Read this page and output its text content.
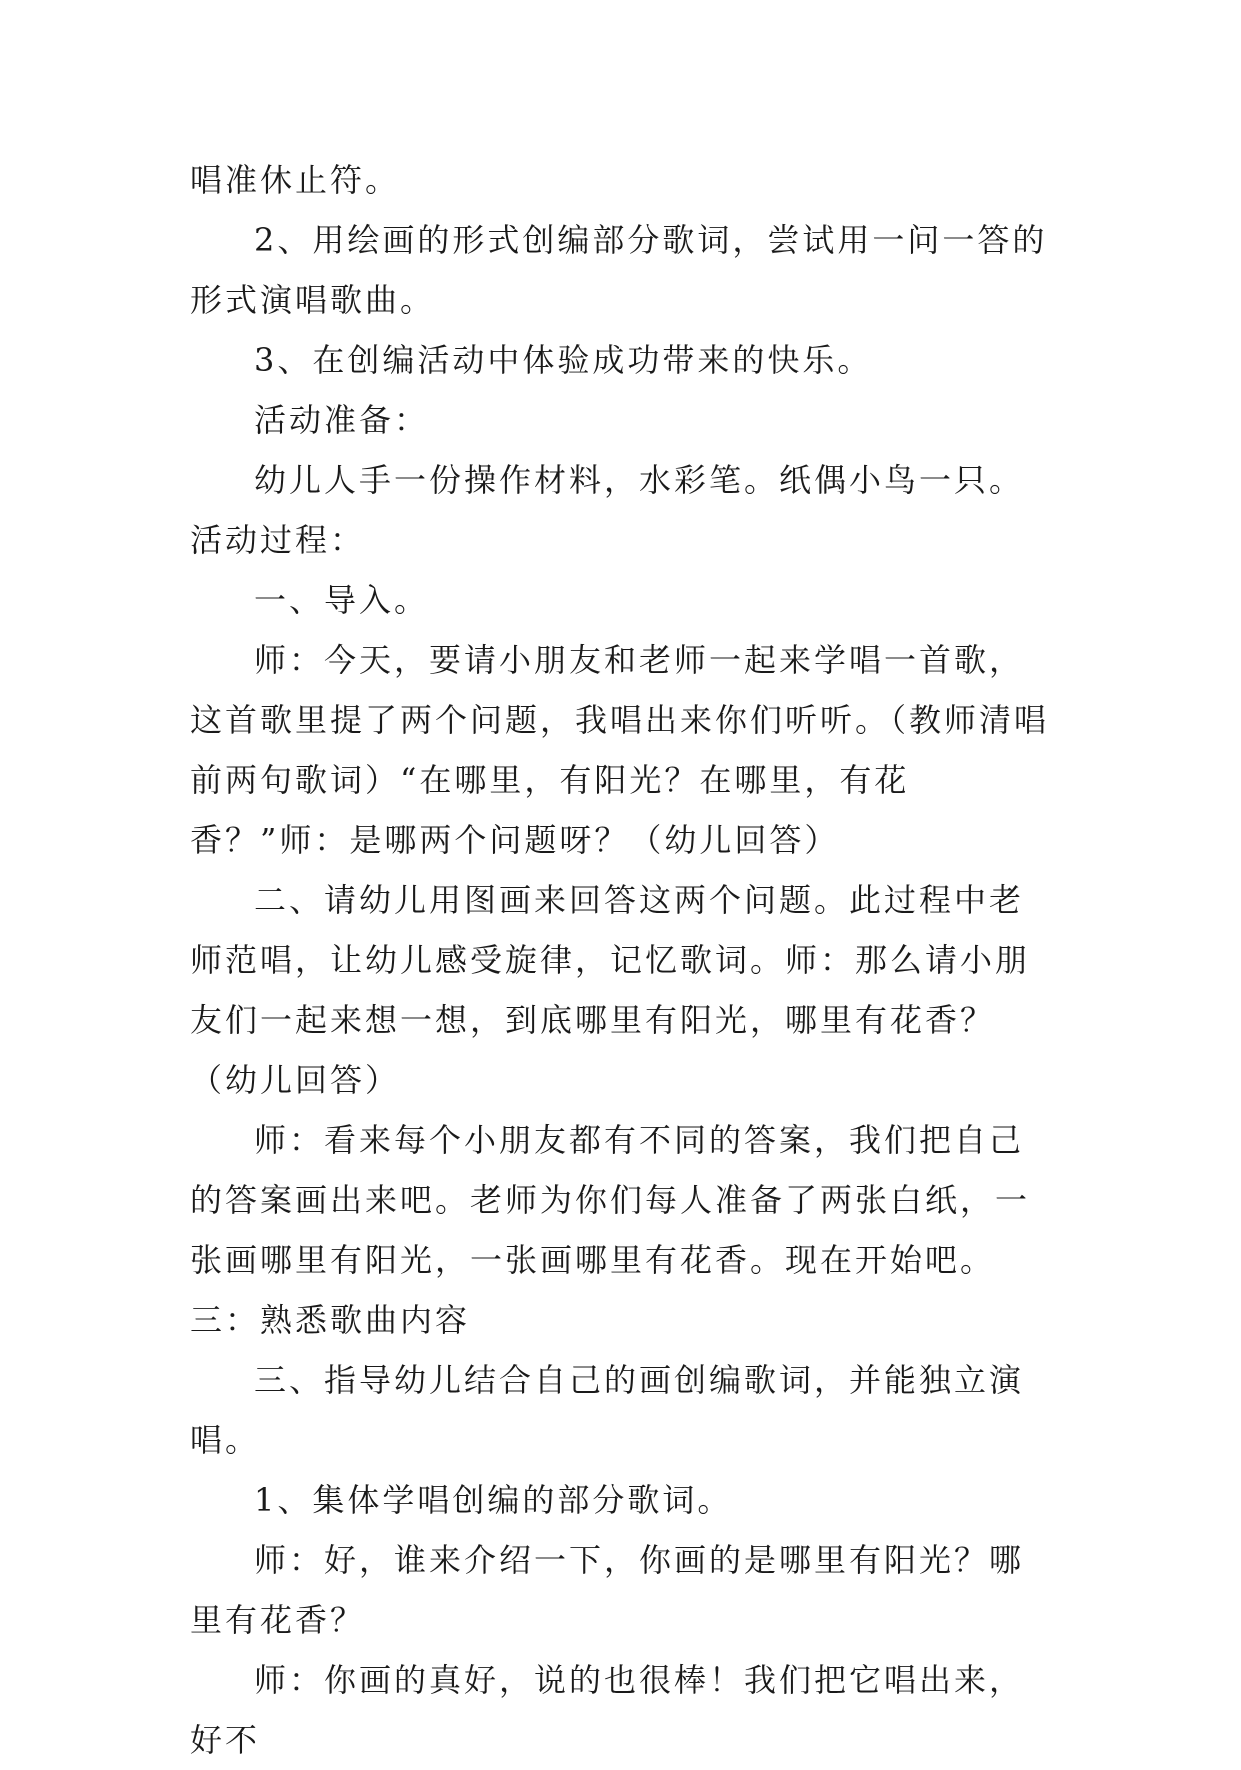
唱准休止符。

2、用绘画的形式创编部分歌词，尝试用一问一答的形式演唱歌曲。

3、在创编活动中体验成功带来的快乐。

活动准备：

幼儿人手一份操作材料，水彩笔。纸偶小鸟一只。活动过程：

一、导入。

师：今天，要请小朋友和老师一起来学唱一首歌，这首歌里提了两个问题，我唱出来你们听听。（教师清唱前两句歌词）“在哪里，有阳光？在哪里，有花香？”师：是哪两个问题呀？（幼儿回答）

二、请幼儿用图画来回答这两个问题。此过程中老师范唱，让幼儿感受旋律，记忆歌词。师：那么请小朋友们一起来想一想，到底哪里有阳光，哪里有花香？（幼儿回答）

师：看来每个小朋友都有不同的答案，我们把自己的答案画出来吧。老师为你们每人准备了两张白纸，一张画哪里有阳光，一张画哪里有花香。现在开始吧。三：熟悉歌曲内容

三、指导幼儿结合自己的画创编歌词，并能独立演唱。

1、集体学唱创编的部分歌词。

师：好，谁来介绍一下，你画的是哪里有阳光？哪里有花香？

师：你画的真好，说的也很棒！我们把它唱出来，好不
